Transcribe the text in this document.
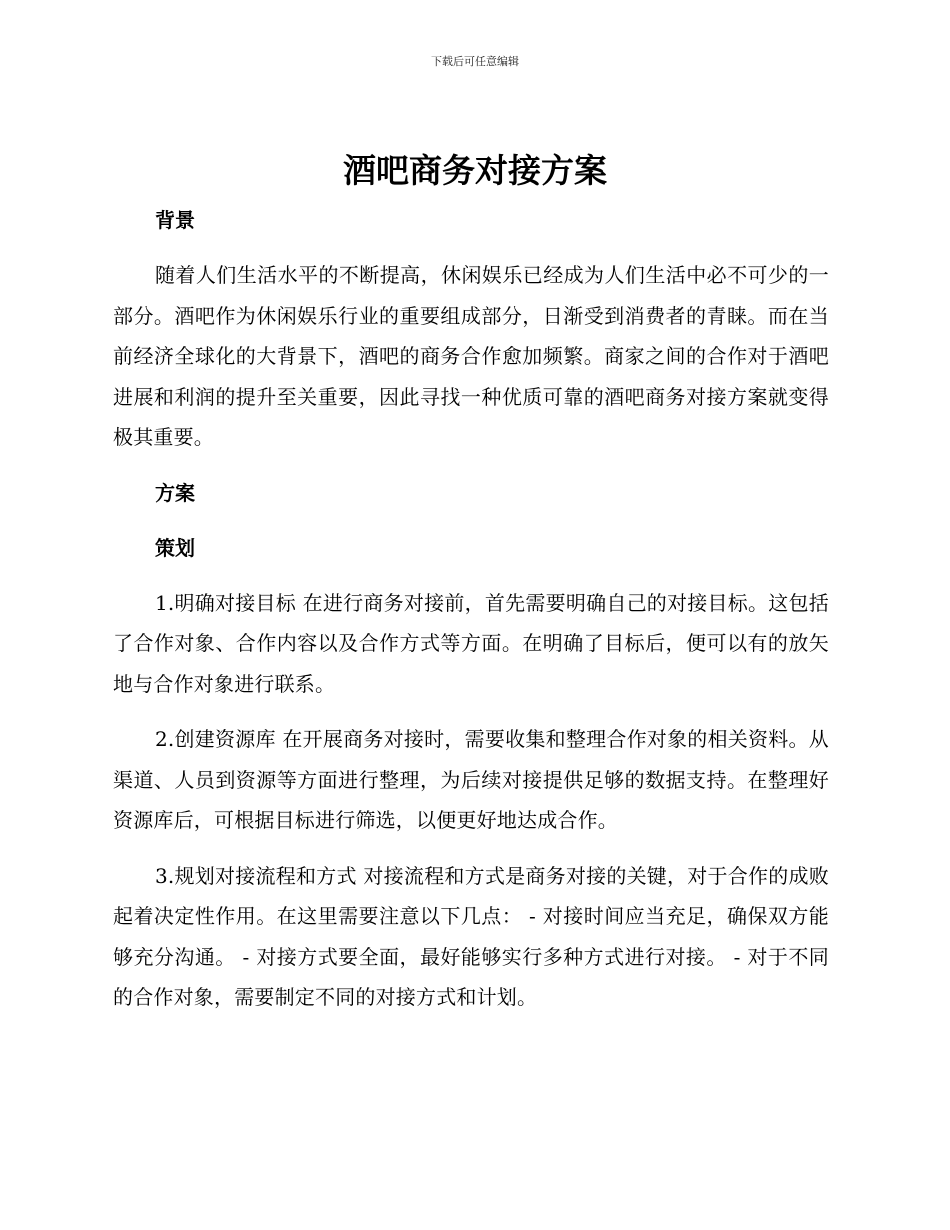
下载后可任意编辑
酒吧商务对接方案

背景

随着人们生活水平的不断提高，休闲娱乐已经成为人们生活中必不可少的一部分。酒吧作为休闲娱乐行业的重要组成部分，日渐受到消费者的青睐。而在当前经济全球化的大背景下，酒吧的商务合作愈加频繁。商家之间的合作对于酒吧进展和利润的提升至关重要，因此寻找一种优质可靠的酒吧商务对接方案就变得极其重要。

方案

策划

1.明确对接目标 在进行商务对接前，首先需要明确自己的对接目标。这包括了合作对象、合作内容以及合作方式等方面。在明确了目标后，便可以有的放矢地与合作对象进行联系。

2.创建资源库 在开展商务对接时，需要收集和整理合作对象的相关资料。从渠道、人员到资源等方面进行整理，为后续对接提供足够的数据支持。在整理好资源库后，可根据目标进行筛选，以便更好地达成合作。

3.规划对接流程和方式 对接流程和方式是商务对接的关键，对于合作的成败起着决定性作用。在这里需要注意以下几点： - 对接时间应当充足，确保双方能够充分沟通。 - 对接方式要全面，最好能够实行多种方式进行对接。 - 对于不同的合作对象，需要制定不同的对接方式和计划。
